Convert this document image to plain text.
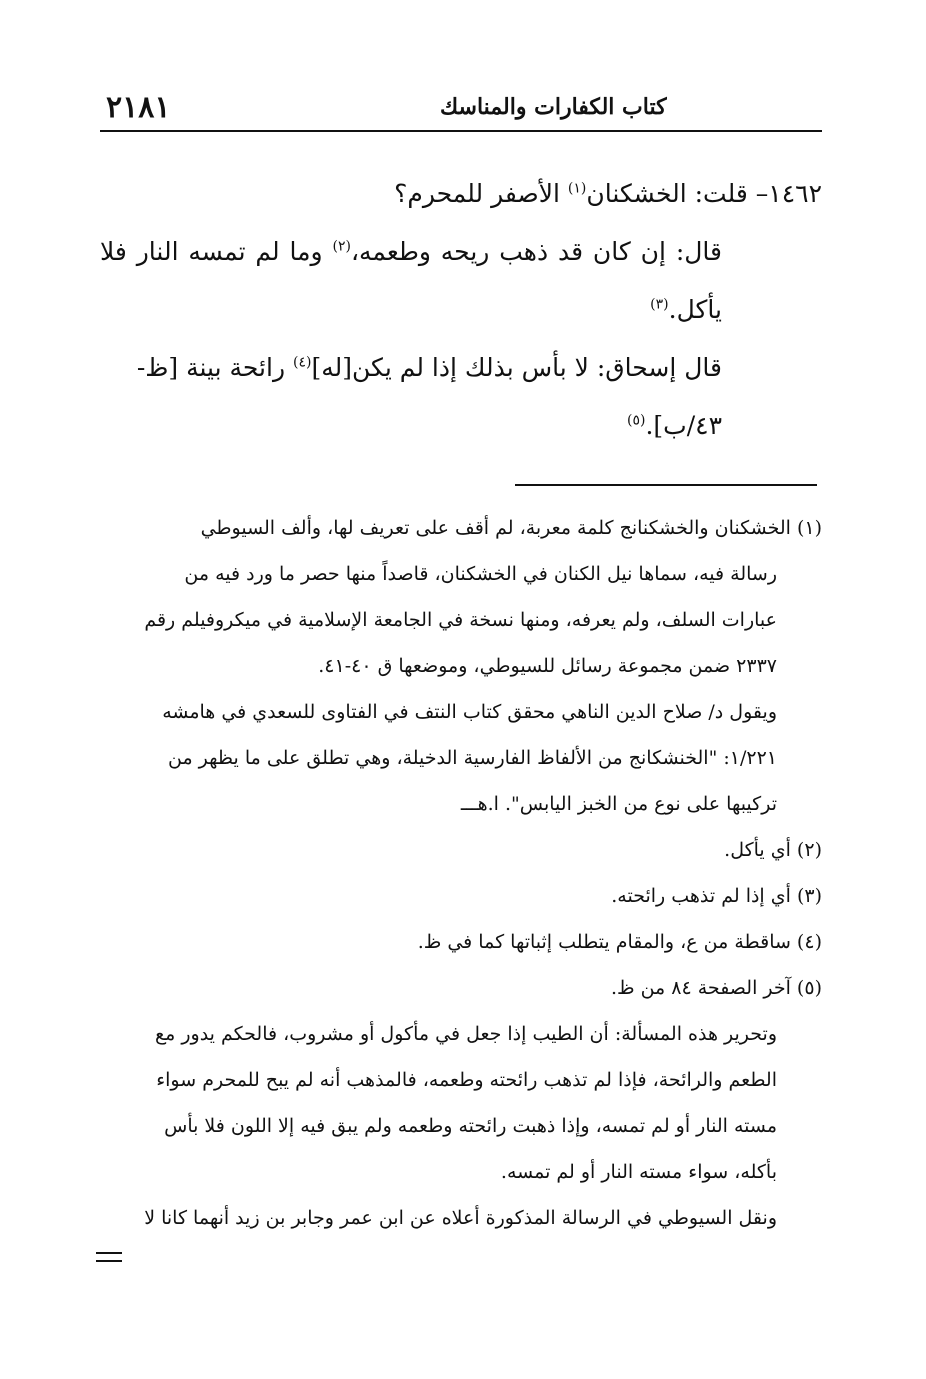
٢١٨١	كتاب الكفارات والمناسك

١٤٦٢– قلت: الخشكنان$^{(١)}$ الأصفر للمحرم؟

قال: إن كان قد ذهب ريحه وطعمه،$^{(٢)}$ وما لم تمسه النار فلا يأكل.$^{(٣)}$

قال إسحاق: لا بأس بذلك إذا لم يكن[له]$^{(٤)}$ رائحة بينة [ظ-
٤٣/ب].$^{(٥)}$

(١) الخشكنان والخشكنانج كلمة معربة، لم أقف على تعريف لها، وألف السيوطي

رسالة فيه، سماها نيل الكنان في الخشكنان، قاصداً منها حصر ما ورد فيه من

عبارات السلف، ولم يعرفه، ومنها نسخة في الجامعة الإسلامية في ميكروفيلم رقم

٢٣٣٧ ضمن مجموعة رسائل للسيوطي، وموضعها ق ٤٠-٤١.

ويقول د/ صلاح الدين الناهي محقق كتاب النتف في الفتاوى للسعدي في هامشه

١/٢٢١: "الخنشكانج من الألفاظ الفارسية الدخيلة، وهي تطلق على ما يظهر من

تركيبها على نوع من الخبز اليابس". ا.هـــ

(٢) أي يأكل.

(٣) أي إذا لم تذهب رائحته.

(٤) ساقطة من ع، والمقام يتطلب إثباتها كما في ظ.

(٥) آخر الصفحة ٨٤ من ظ.

وتحرير هذه المسألة: أن الطيب إذا جعل في مأكول أو مشروب، فالحكم يدور مع

الطعم والرائحة، فإذا لم تذهب رائحته وطعمه، فالمذهب أنه لم يبح للمحرم سواء

مسته النار أو لم تمسه، وإذا ذهبت رائحته وطعمه ولم يبق فيه إلا اللون فلا بأس

بأكله، سواء مسته النار أو لم تمسه.

ونقل السيوطي في الرسالة المذكورة أعلاه عن ابن عمر وجابر بن زيد أنهما كانا لا
